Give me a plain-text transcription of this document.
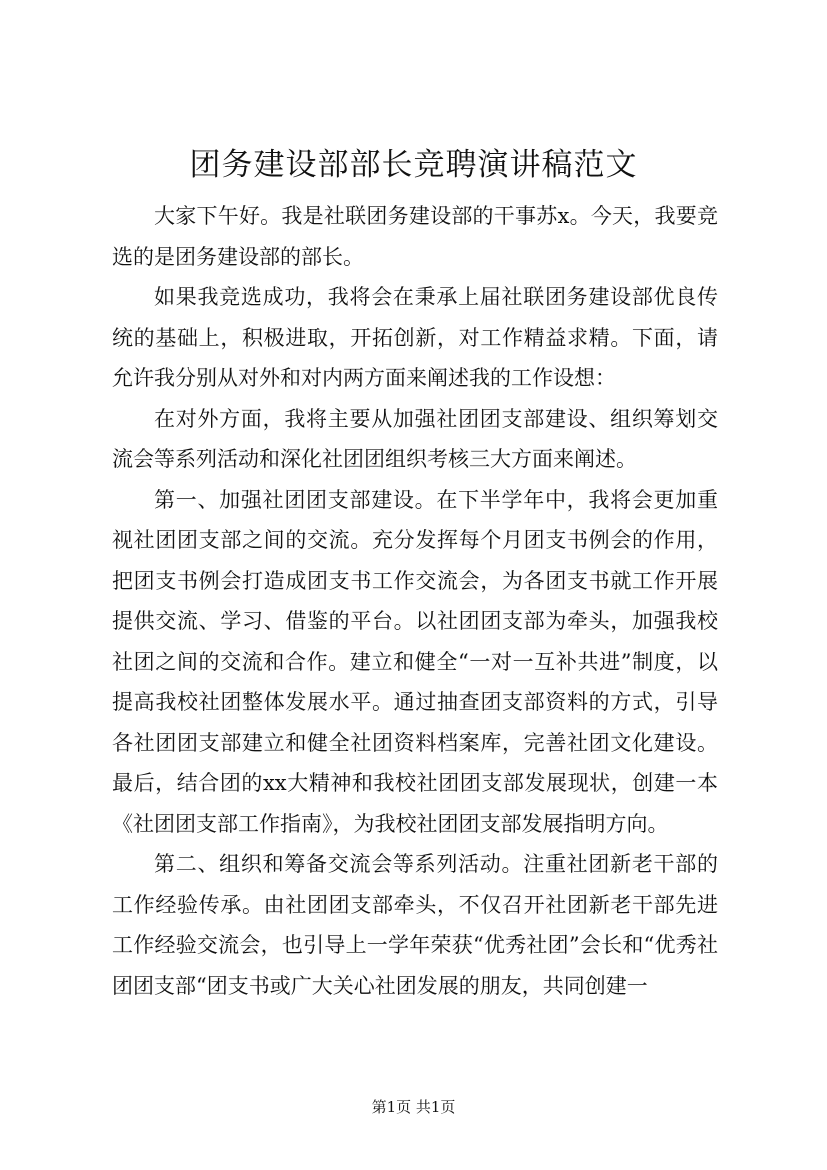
团务建设部部长竞聘演讲稿范文

大家下午好。我是社联团务建设部的干事苏x。今天，我要竞选的是团务建设部的部长。

如果我竞选成功，我将会在秉承上届社联团务建设部优良传统的基础上，积极进取，开拓创新，对工作精益求精。下面，请允许我分别从对外和对内两方面来阐述我的工作设想：

在对外方面，我将主要从加强社团团支部建设、组织筹划交流会等系列活动和深化社团团组织考核三大方面来阐述。

第一、加强社团团支部建设。在下半学年中，我将会更加重视社团团支部之间的交流。充分发挥每个月团支书例会的作用，把团支书例会打造成团支书工作交流会，为各团支书就工作开展提供交流、学习、借鉴的平台。以社团团支部为牵头，加强我校社团之间的交流和合作。建立和健全“一对一互补共进”制度，以提高我校社团整体发展水平。通过抽查团支部资料的方式，引导各社团团支部建立和健全社团资料档案库，完善社团文化建设。最后，结合团的xx大精神和我校社团团支部发展现状，创建一本《社团团支部工作指南》，为我校社团团支部发展指明方向。

第二、组织和筹备交流会等系列活动。注重社团新老干部的工作经验传承。由社团团支部牵头，不仅召开社团新老干部先进工作经验交流会，也引导上一学年荣获“优秀社团”会长和“优秀社团团支部“团支书或广大关心社团发展的朋友，共同创建一

第1页 共1页
